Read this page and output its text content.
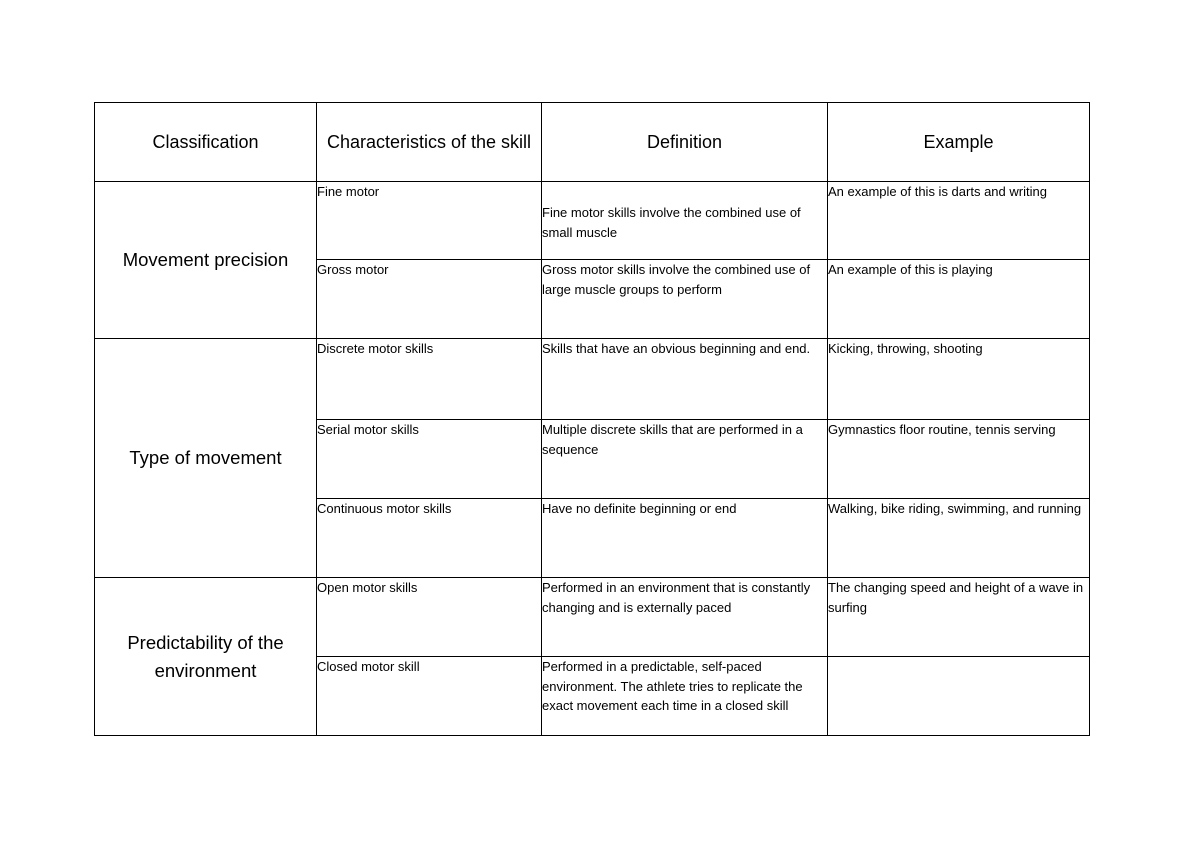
Classification	Characteristics of the skill	Definition	Example
Movement precision	Fine motor	Fine motor skills involve the combined use of small muscle	An example of this is darts and writing
	Gross motor	Gross motor skills involve the combined use of large muscle groups to perform	An example of this is playing
Type of movement	Discrete motor skills	Skills that have an obvious beginning and end.	Kicking, throwing, shooting
	Serial motor skills	Multiple discrete skills that are performed in a sequence	Gymnastics floor routine, tennis serving
	Continuous motor skills	Have no definite beginning or end	Walking, bike riding, swimming, and running
Predictability of the environment	Open motor skills	Performed in an environment that is constantly changing and is externally paced	The changing speed and height of a wave in surfing
	Closed motor skill	Performed in a predictable, self-paced environment. The athlete tries to replicate the exact movement each time in a closed skill	
